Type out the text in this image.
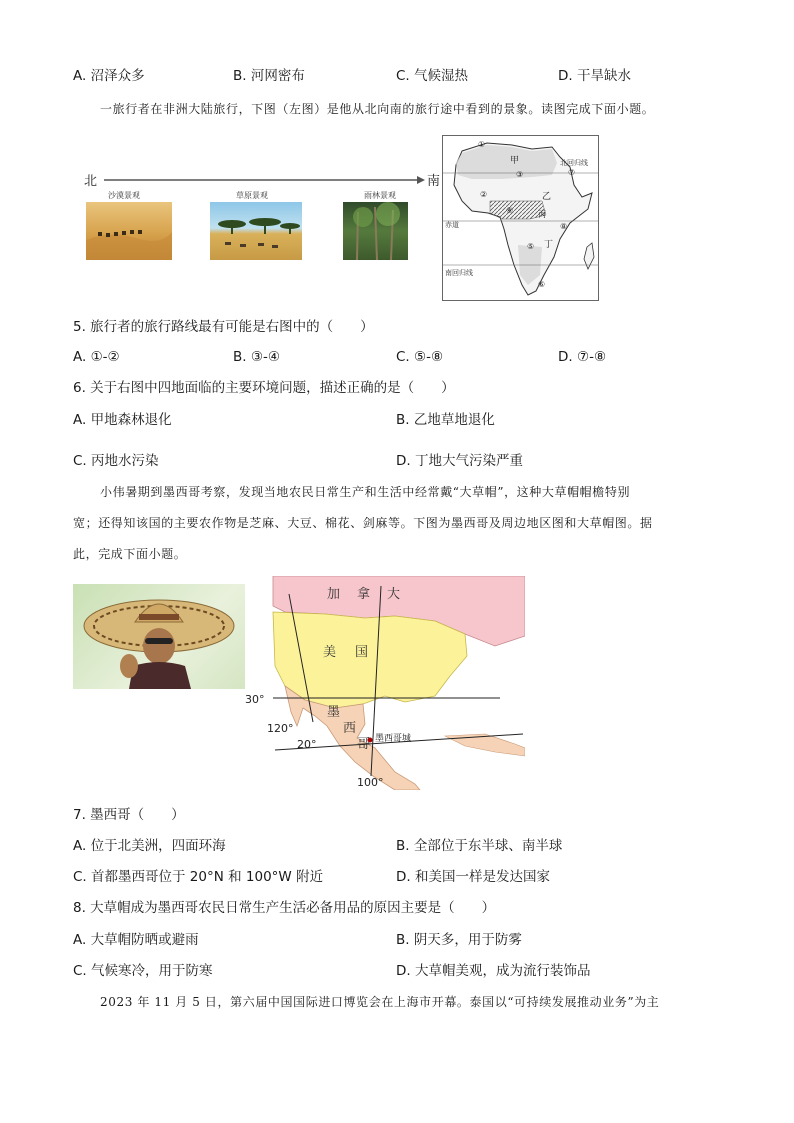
A. 沼泽众多	B. 河网密布	C. 气候湿热	D. 干旱缺水
一旅行者在非洲大陆旅行，下图（左图）是他从北向南的旅行途中看到的景象。读图完成下面小题。
北	南
沙漠景观	草原景观	雨林景观
北回归线
赤道
南回归线
甲
乙
丙
丁
①
②
③
④
⑤
⑥
⑦
⑧
5. 旅行者的旅行路线最有可能是右图中的（　　）
A. ①-②	B. ③-④	C. ⑤-⑧	D. ⑦-⑧
6. 关于右图中四地面临的主要环境问题，描述正确的是（　　）
A. 甲地森林退化	B. 乙地草地退化
C. 丙地水污染	D. 丁地大气污染严重
小伟暑期到墨西哥考察，发现当地农民日常生产和生活中经常戴“大草帽”，这种大草帽帽檐特别
宽；还得知该国的主要农作物是芝麻、大豆、棉花、剑麻等。下图为墨西哥及周边地区图和大草帽图。据
此，完成下面小题。
加 拿 大
美 国
墨
西
哥 墨西哥城
30°
20°
120°
100°
7. 墨西哥（　　）
A. 位于北美洲，四面环海	B. 全部位于东半球、南半球
C. 首都墨西哥位于 20°N 和 100°W 附近	D. 和美国一样是发达国家
8. 大草帽成为墨西哥农民日常生产生活必备用品的原因主要是（　　）
A. 大草帽防晒或避雨	B. 阴天多，用于防雾
C. 气候寒冷，用于防寒	D. 大草帽美观，成为流行装饰品
2023 年 11 月 5 日，第六届中国国际进口博览会在上海市开幕。泰国以“可持续发展推动业务”为主
